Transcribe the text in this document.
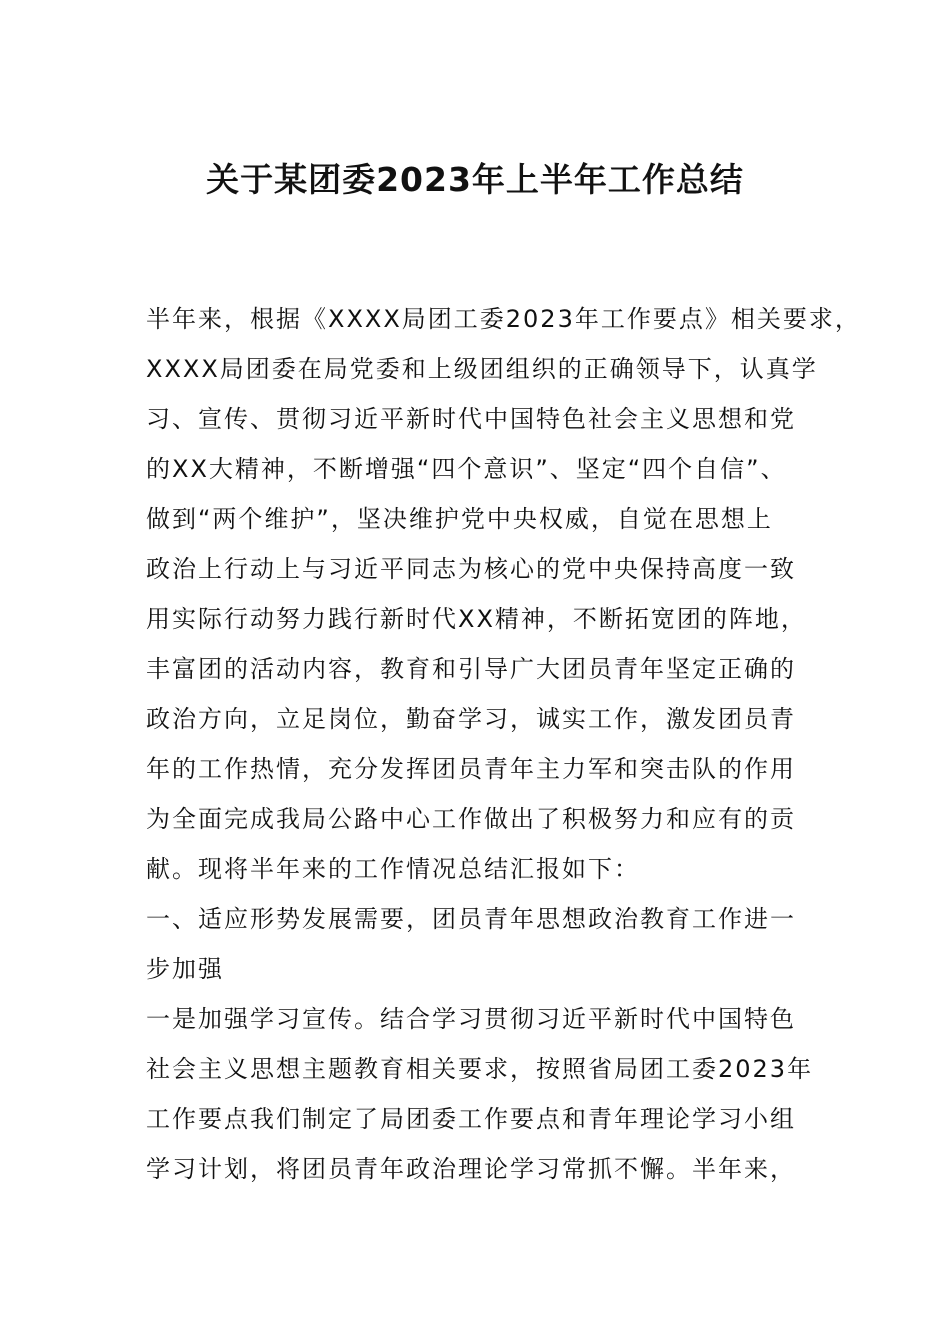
关于某团委2023年上半年工作总结
半年来，根据《XXXX局团工委2023年工作要点》相关要求，
XXXX局团委在局党委和上级团组织的正确领导下，认真学
习、宣传、贯彻习近平新时代中国特色社会主义思想和党
的XX大精神，不断增强“四个意识”、坚定“四个自信”、
做到“两个维护”，坚决维护党中央权威，自觉在思想上
政治上行动上与习近平同志为核心的党中央保持高度一致
用实际行动努力践行新时代XX精神，不断拓宽团的阵地，
丰富团的活动内容，教育和引导广大团员青年坚定正确的
政治方向，立足岗位，勤奋学习，诚实工作，激发团员青
年的工作热情，充分发挥团员青年主力军和突击队的作用
为全面完成我局公路中心工作做出了积极努力和应有的贡
献。现将半年来的工作情况总结汇报如下：
一、适应形势发展需要，团员青年思想政治教育工作进一
步加强
一是加强学习宣传。结合学习贯彻习近平新时代中国特色
社会主义思想主题教育相关要求，按照省局团工委2023年
工作要点我们制定了局团委工作要点和青年理论学习小组
学习计划，将团员青年政治理论学习常抓不懈。半年来，
